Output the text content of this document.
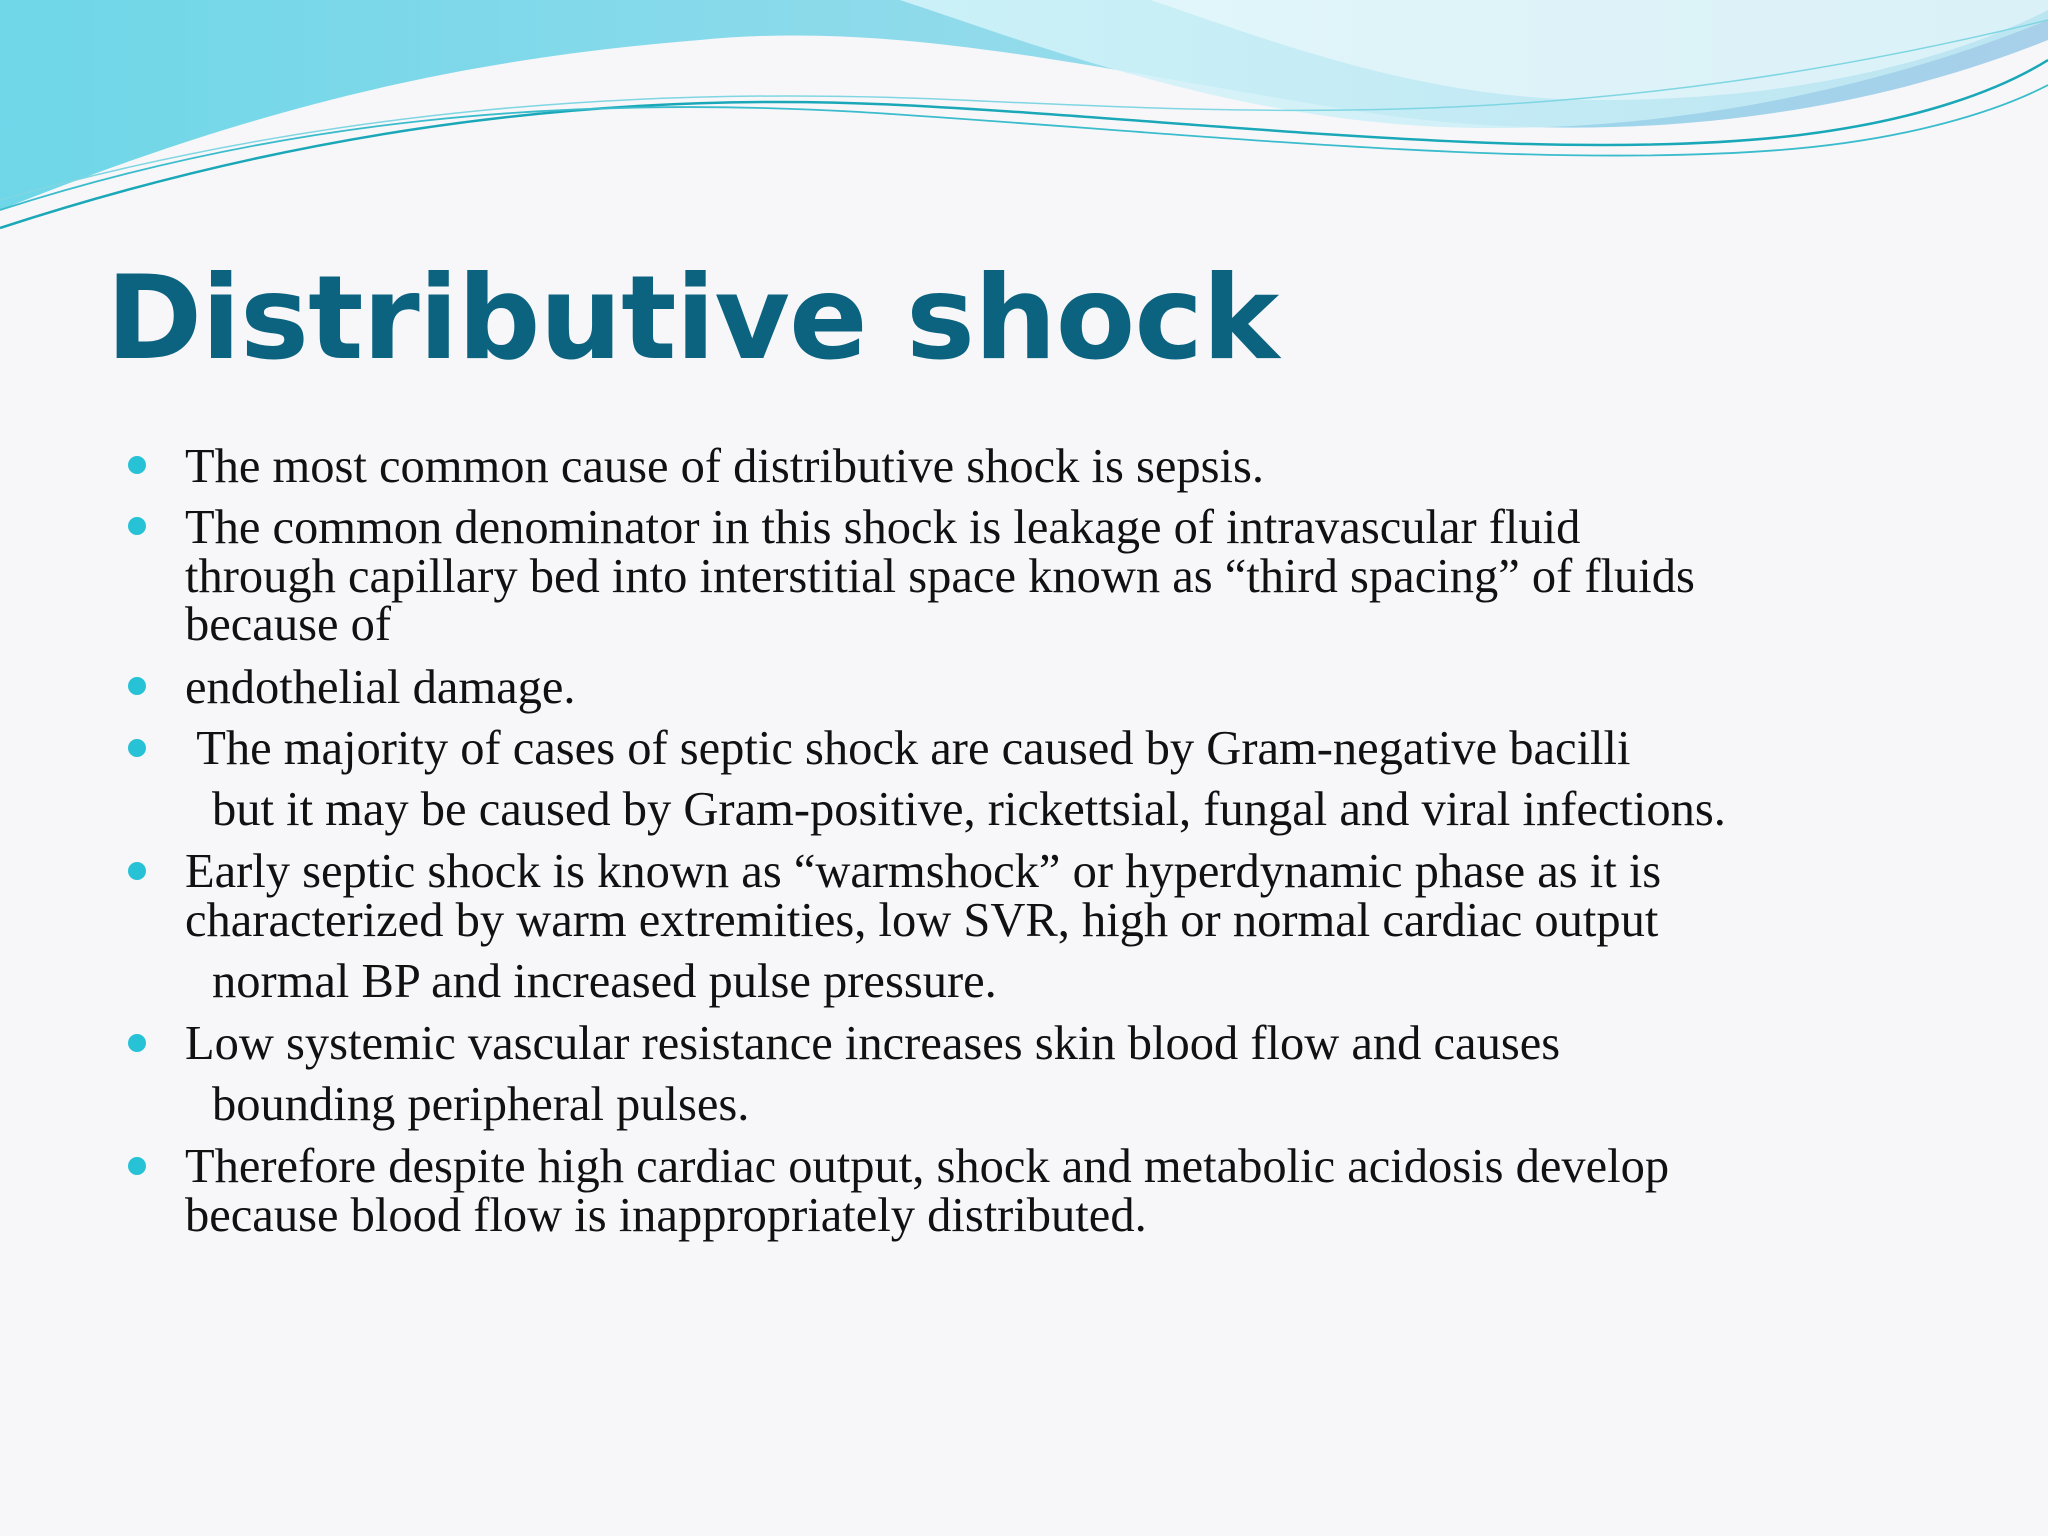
Distributive shock

The most common cause of distributive shock is sepsis.

The common denominator in this shock is leakage of intravascular fluid

through capillary bed into interstitial space known as “third spacing” of fluids

because of

endothelial damage.

The majority of cases of septic shock are caused by Gram-negative bacilli

but it may be caused by Gram-positive, rickettsial, fungal and viral infections.

Early septic shock is known as “warmshock” or hyperdynamic phase as it is

characterized by warm extremities, low SVR, high or normal cardiac output

normal BP and increased pulse pressure.

Low systemic vascular resistance increases skin blood flow and causes

bounding peripheral pulses.

Therefore despite high cardiac output, shock and metabolic acidosis develop

because blood flow is inappropriately distributed.
